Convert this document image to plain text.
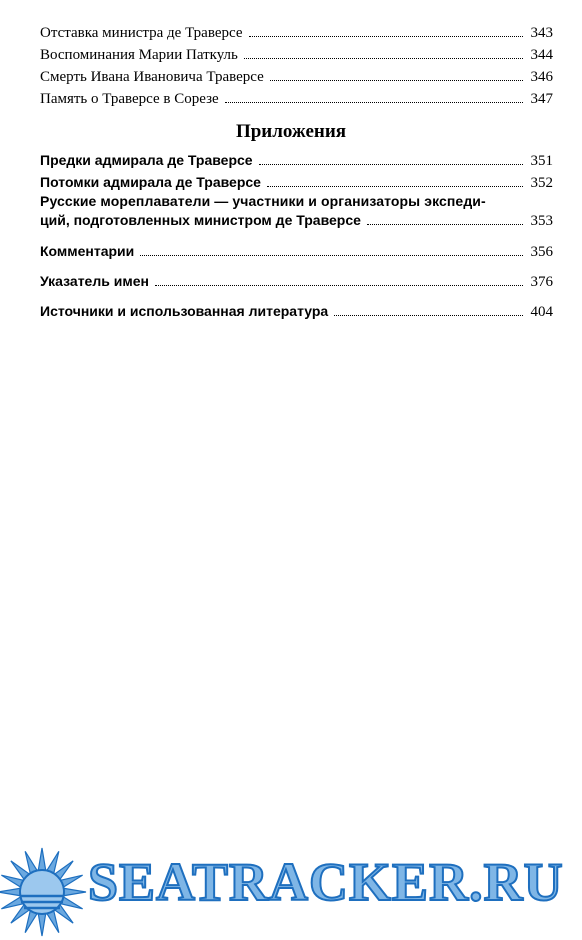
Отставка министра де Траверсе	343
Воспоминания Марии Паткуль	344
Смерть Ивана Ивановича Траверсе	346
Память о Траверсе в Сорезе	347
Приложения
Предки адмирала де Траверсе	351
Потомки адмирала де Траверсе	352
Русские мореплаватели — участники и организаторы экспеди-
ций, подготовленных министром де Траверсе	353
Комментарии	356
Указатель имен	376
Источники и использованная литература	404
SEATRACKER.RU
